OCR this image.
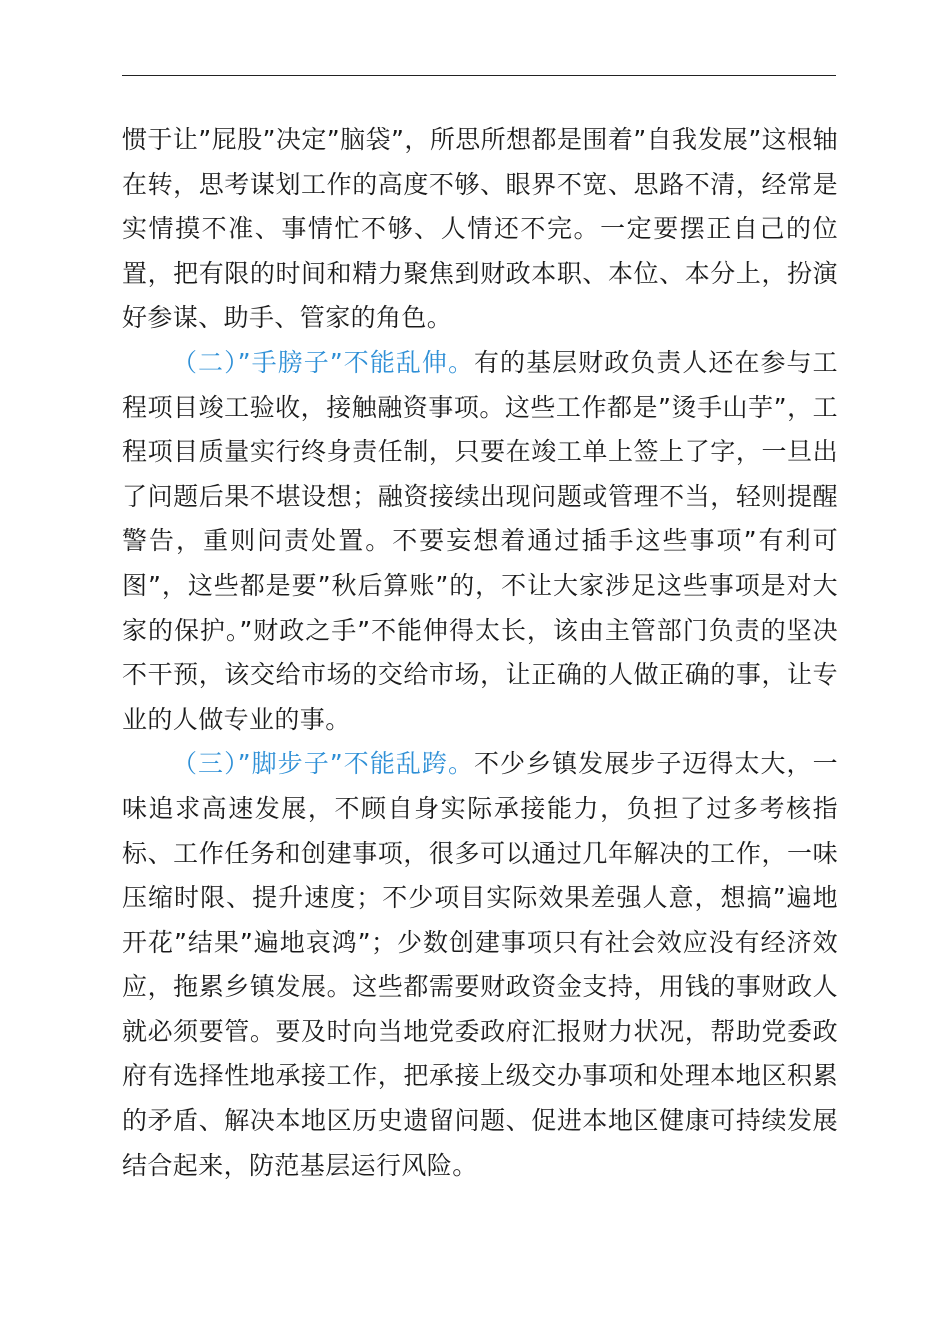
惯于让”屁股”决定”脑袋”，所思所想都是围着”自我发展”这根轴在转，思考谋划工作的高度不够、眼界不宽、思路不清，经常是实情摸不准、事情忙不够、人情还不完。一定要摆正自己的位置，把有限的时间和精力聚焦到财政本职、本位、本分上，扮演好参谋、助手、管家的角色。

（二）”手膀子”不能乱伸。有的基层财政负责人还在参与工程项目竣工验收，接触融资事项。这些工作都是”烫手山芋”，工程项目质量实行终身责任制，只要在竣工单上签上了字，一旦出了问题后果不堪设想；融资接续出现问题或管理不当，轻则提醒警告，重则问责处置。不要妄想着通过插手这些事项”有利可图”，这些都是要”秋后算账”的，不让大家涉足这些事项是对大家的保护。”财政之手”不能伸得太长，该由主管部门负责的坚决不干预，该交给市场的交给市场，让正确的人做正确的事，让专业的人做专业的事。

（三）”脚步子”不能乱跨。不少乡镇发展步子迈得太大，一味追求高速发展，不顾自身实际承接能力，负担了过多考核指标、工作任务和创建事项，很多可以通过几年解决的工作，一味压缩时限、提升速度；不少项目实际效果差强人意，想搞”遍地开花”结果”遍地哀鸿”；少数创建事项只有社会效应没有经济效应，拖累乡镇发展。这些都需要财政资金支持，用钱的事财政人就必须要管。要及时向当地党委政府汇报财力状况，帮助党委政府有选择性地承接工作，把承接上级交办事项和处理本地区积累的矛盾、解决本地区历史遗留问题、促进本地区健康可持续发展结合起来，防范基层运行风险。
